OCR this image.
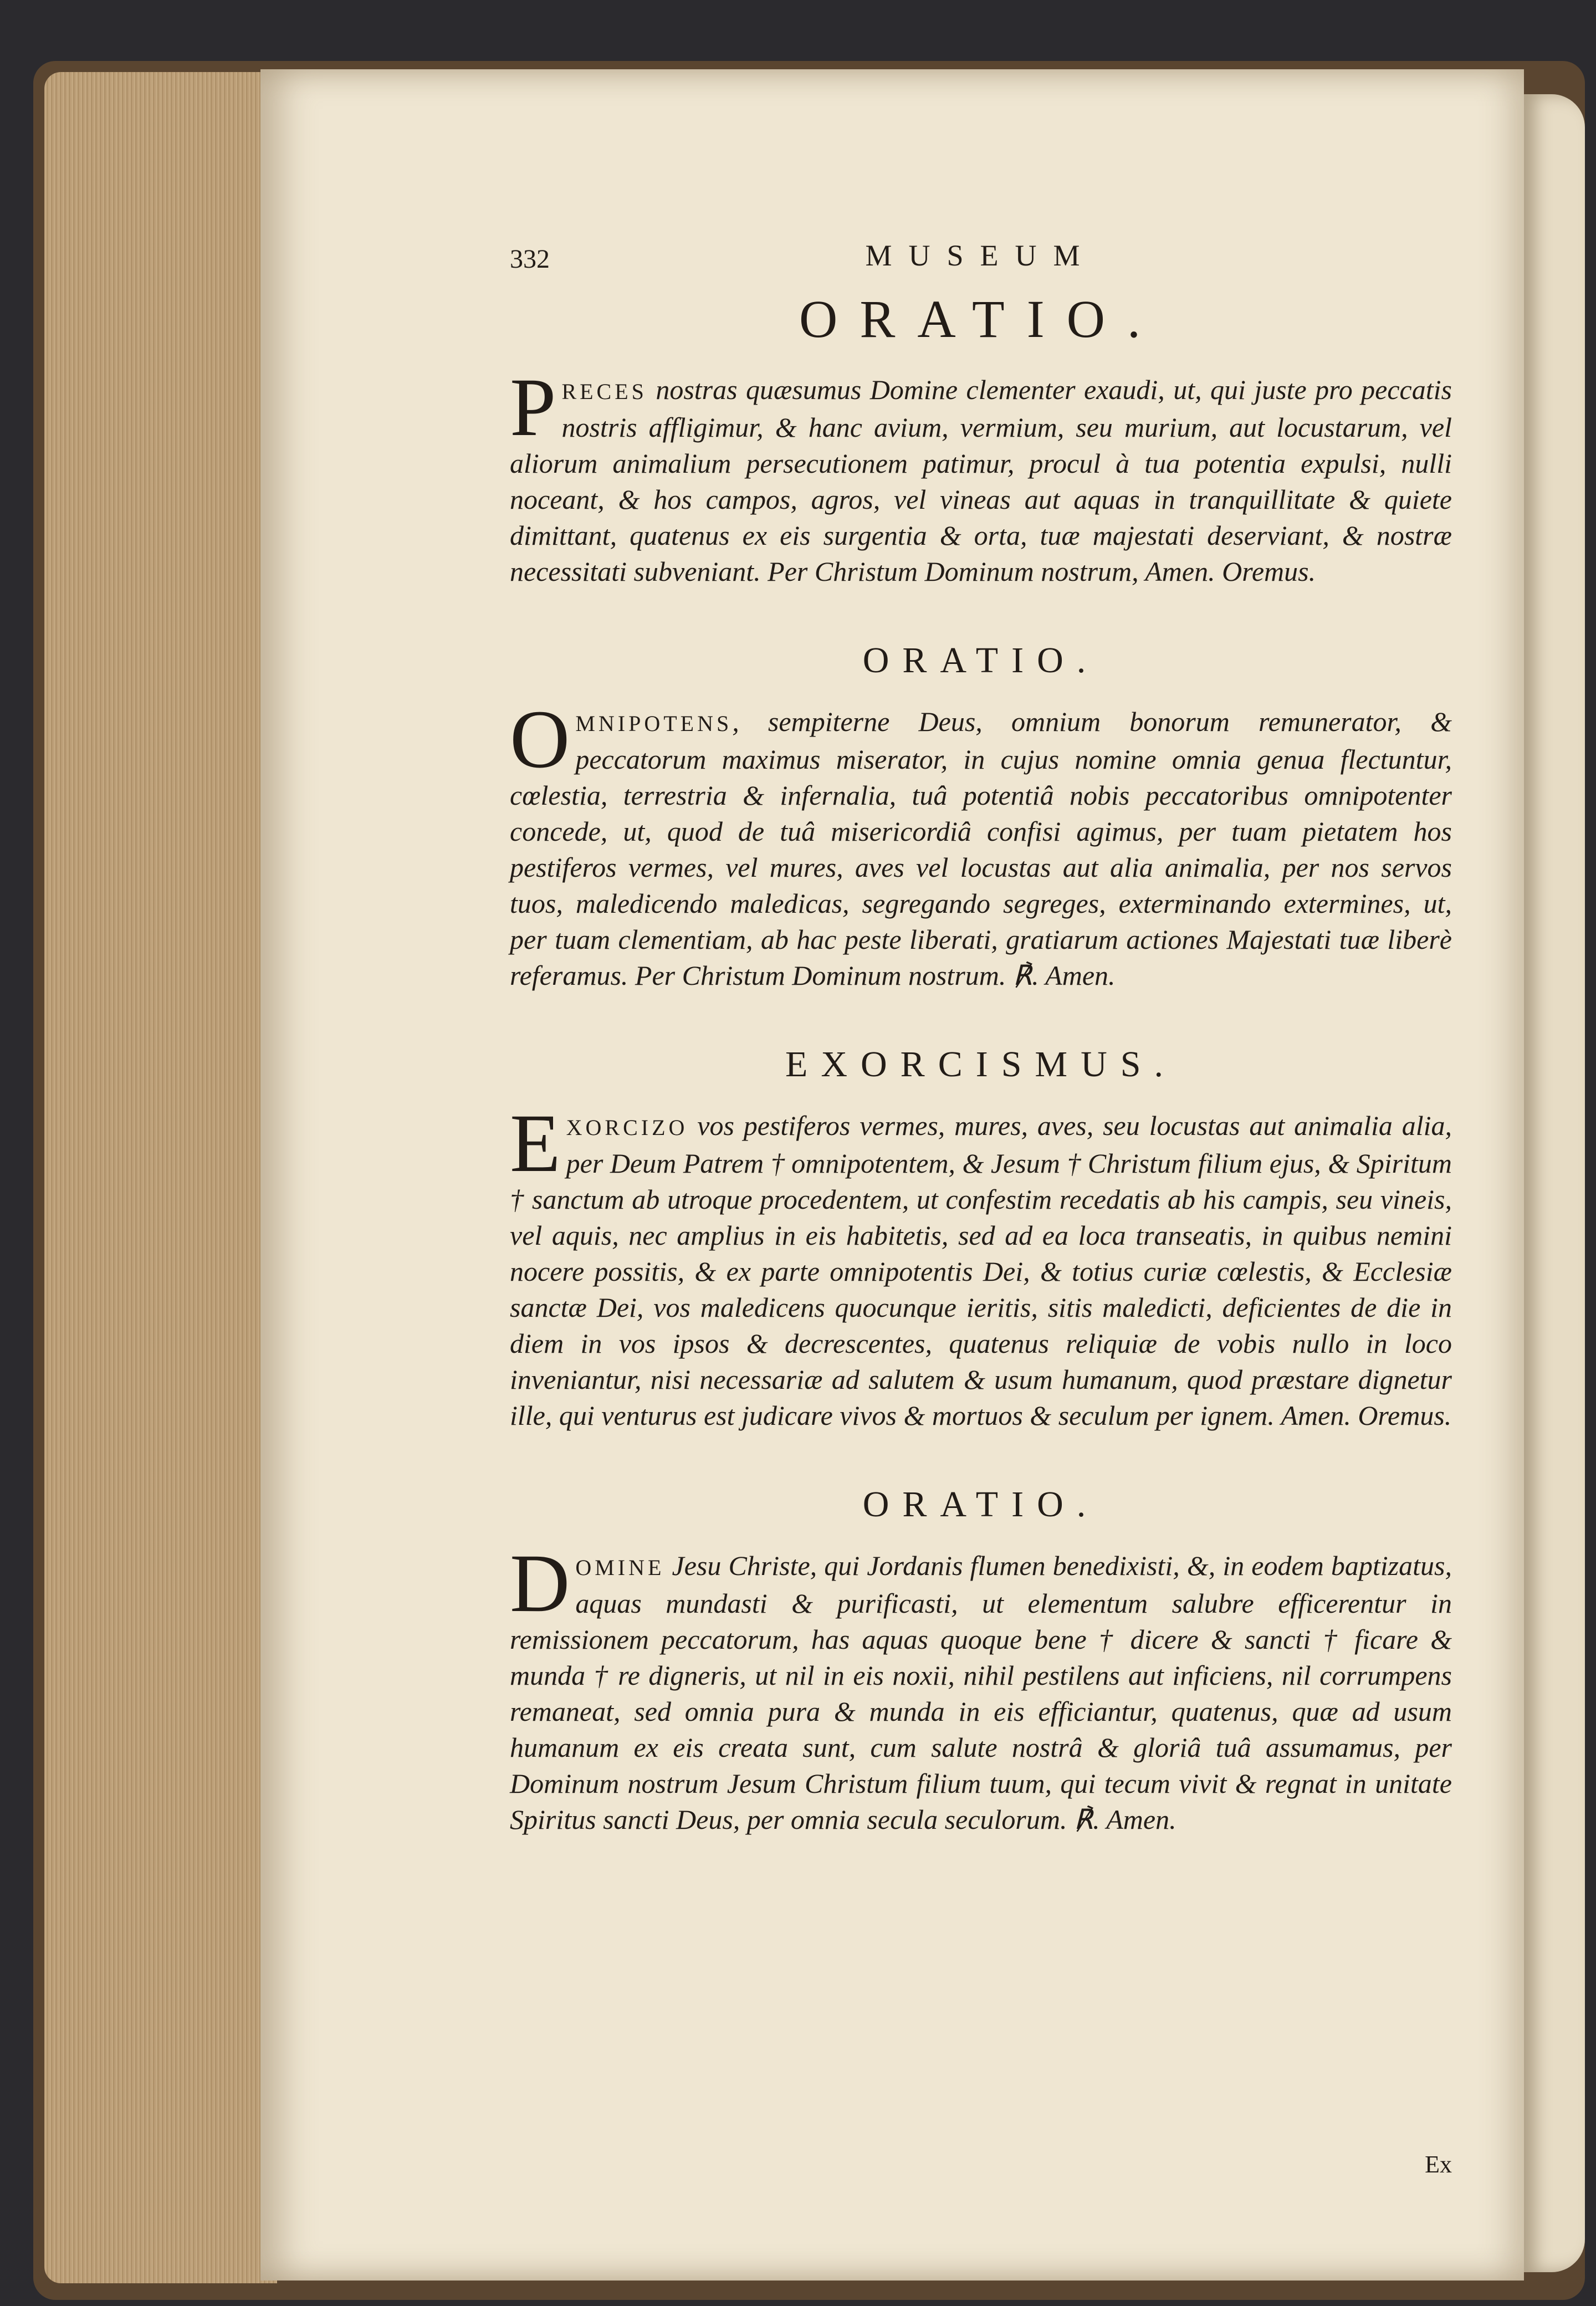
332	MUSEUM
ORATIO.

PRECES nostras quæsumus Domine clementer exaudi, ut, qui juste pro peccatis nostris affligimur, & hanc avium, vermium, seu murium, aut locustarum, vel aliorum animalium persecutionem patimur, procul à tua potentia expulsi, nulli noceant, & hos campos, agros, vel vineas aut aquas in tranquillitate & quiete dimittant, quatenus ex eis surgentia & orta, tuæ majestati deserviant, & nostræ necessitati subveniant. Per Christum Dominum nostrum, Amen. Oremus.

ORATIO.

OMNIPOTENS, sempiterne Deus, omnium bonorum remunerator, & peccatorum maximus miserator, in cujus nomine omnia genua flectuntur, cœlestia, terrestria & infernalia, tuâ potentiâ nobis peccatoribus omnipotenter concede, ut, quod de tuâ misericordiâ confisi agimus, per tuam pietatem hos pestiferos vermes, vel mures, aves vel locustas aut alia animalia, per nos servos tuos, maledicendo maledicas, segregando segreges, exterminando extermines, ut, per tuam clementiam, ab hac peste liberati, gratiarum actiones Majestati tuæ liberè referamus. Per Christum Dominum nostrum. ℟. Amen.

EXORCISMUS.

EXORCIZO vos pestiferos vermes, mures, aves, seu locustas aut animalia alia, per Deum Patrem † omnipotentem, & Jesum † Christum filium ejus, & Spiritum † sanctum ab utroque procedentem, ut confestim recedatis ab his campis, seu vineis, vel aquis, nec amplius in eis habitetis, sed ad ea loca transeatis, in quibus nemini nocere possitis, & ex parte omnipotentis Dei, & totius curiæ cœlestis, & Ecclesiæ sanctæ Dei, vos maledicens quocunque ieritis, sitis maledicti, deficientes de die in diem in vos ipsos & decrescentes, quatenus reliquiæ de vobis nullo in loco inveniantur, nisi necessariæ ad salutem & usum humanum, quod præstare dignetur ille, qui venturus est judicare vivos & mortuos & seculum per ignem. Amen. Oremus.

ORATIO.

DOMINE Jesu Christe, qui Jordanis flumen benedixisti, &, in eodem baptizatus, aquas mundasti & purificasti, ut elementum salubre efficerentur in remissionem peccatorum, has aquas quoque bene † dicere & sancti † ficare & munda † re digneris, ut nil in eis noxii, nihil pestilens aut inficiens, nil corrumpens remaneat, sed omnia pura & munda in eis efficiantur, quatenus, quæ ad usum humanum ex eis creata sunt, cum salute nostrâ & gloriâ tuâ assumamus, per Dominum nostrum Jesum Christum filium tuum, qui tecum vivit & regnat in unitate Spiritus sancti Deus, per omnia secula seculorum. ℟. Amen.

Ex
